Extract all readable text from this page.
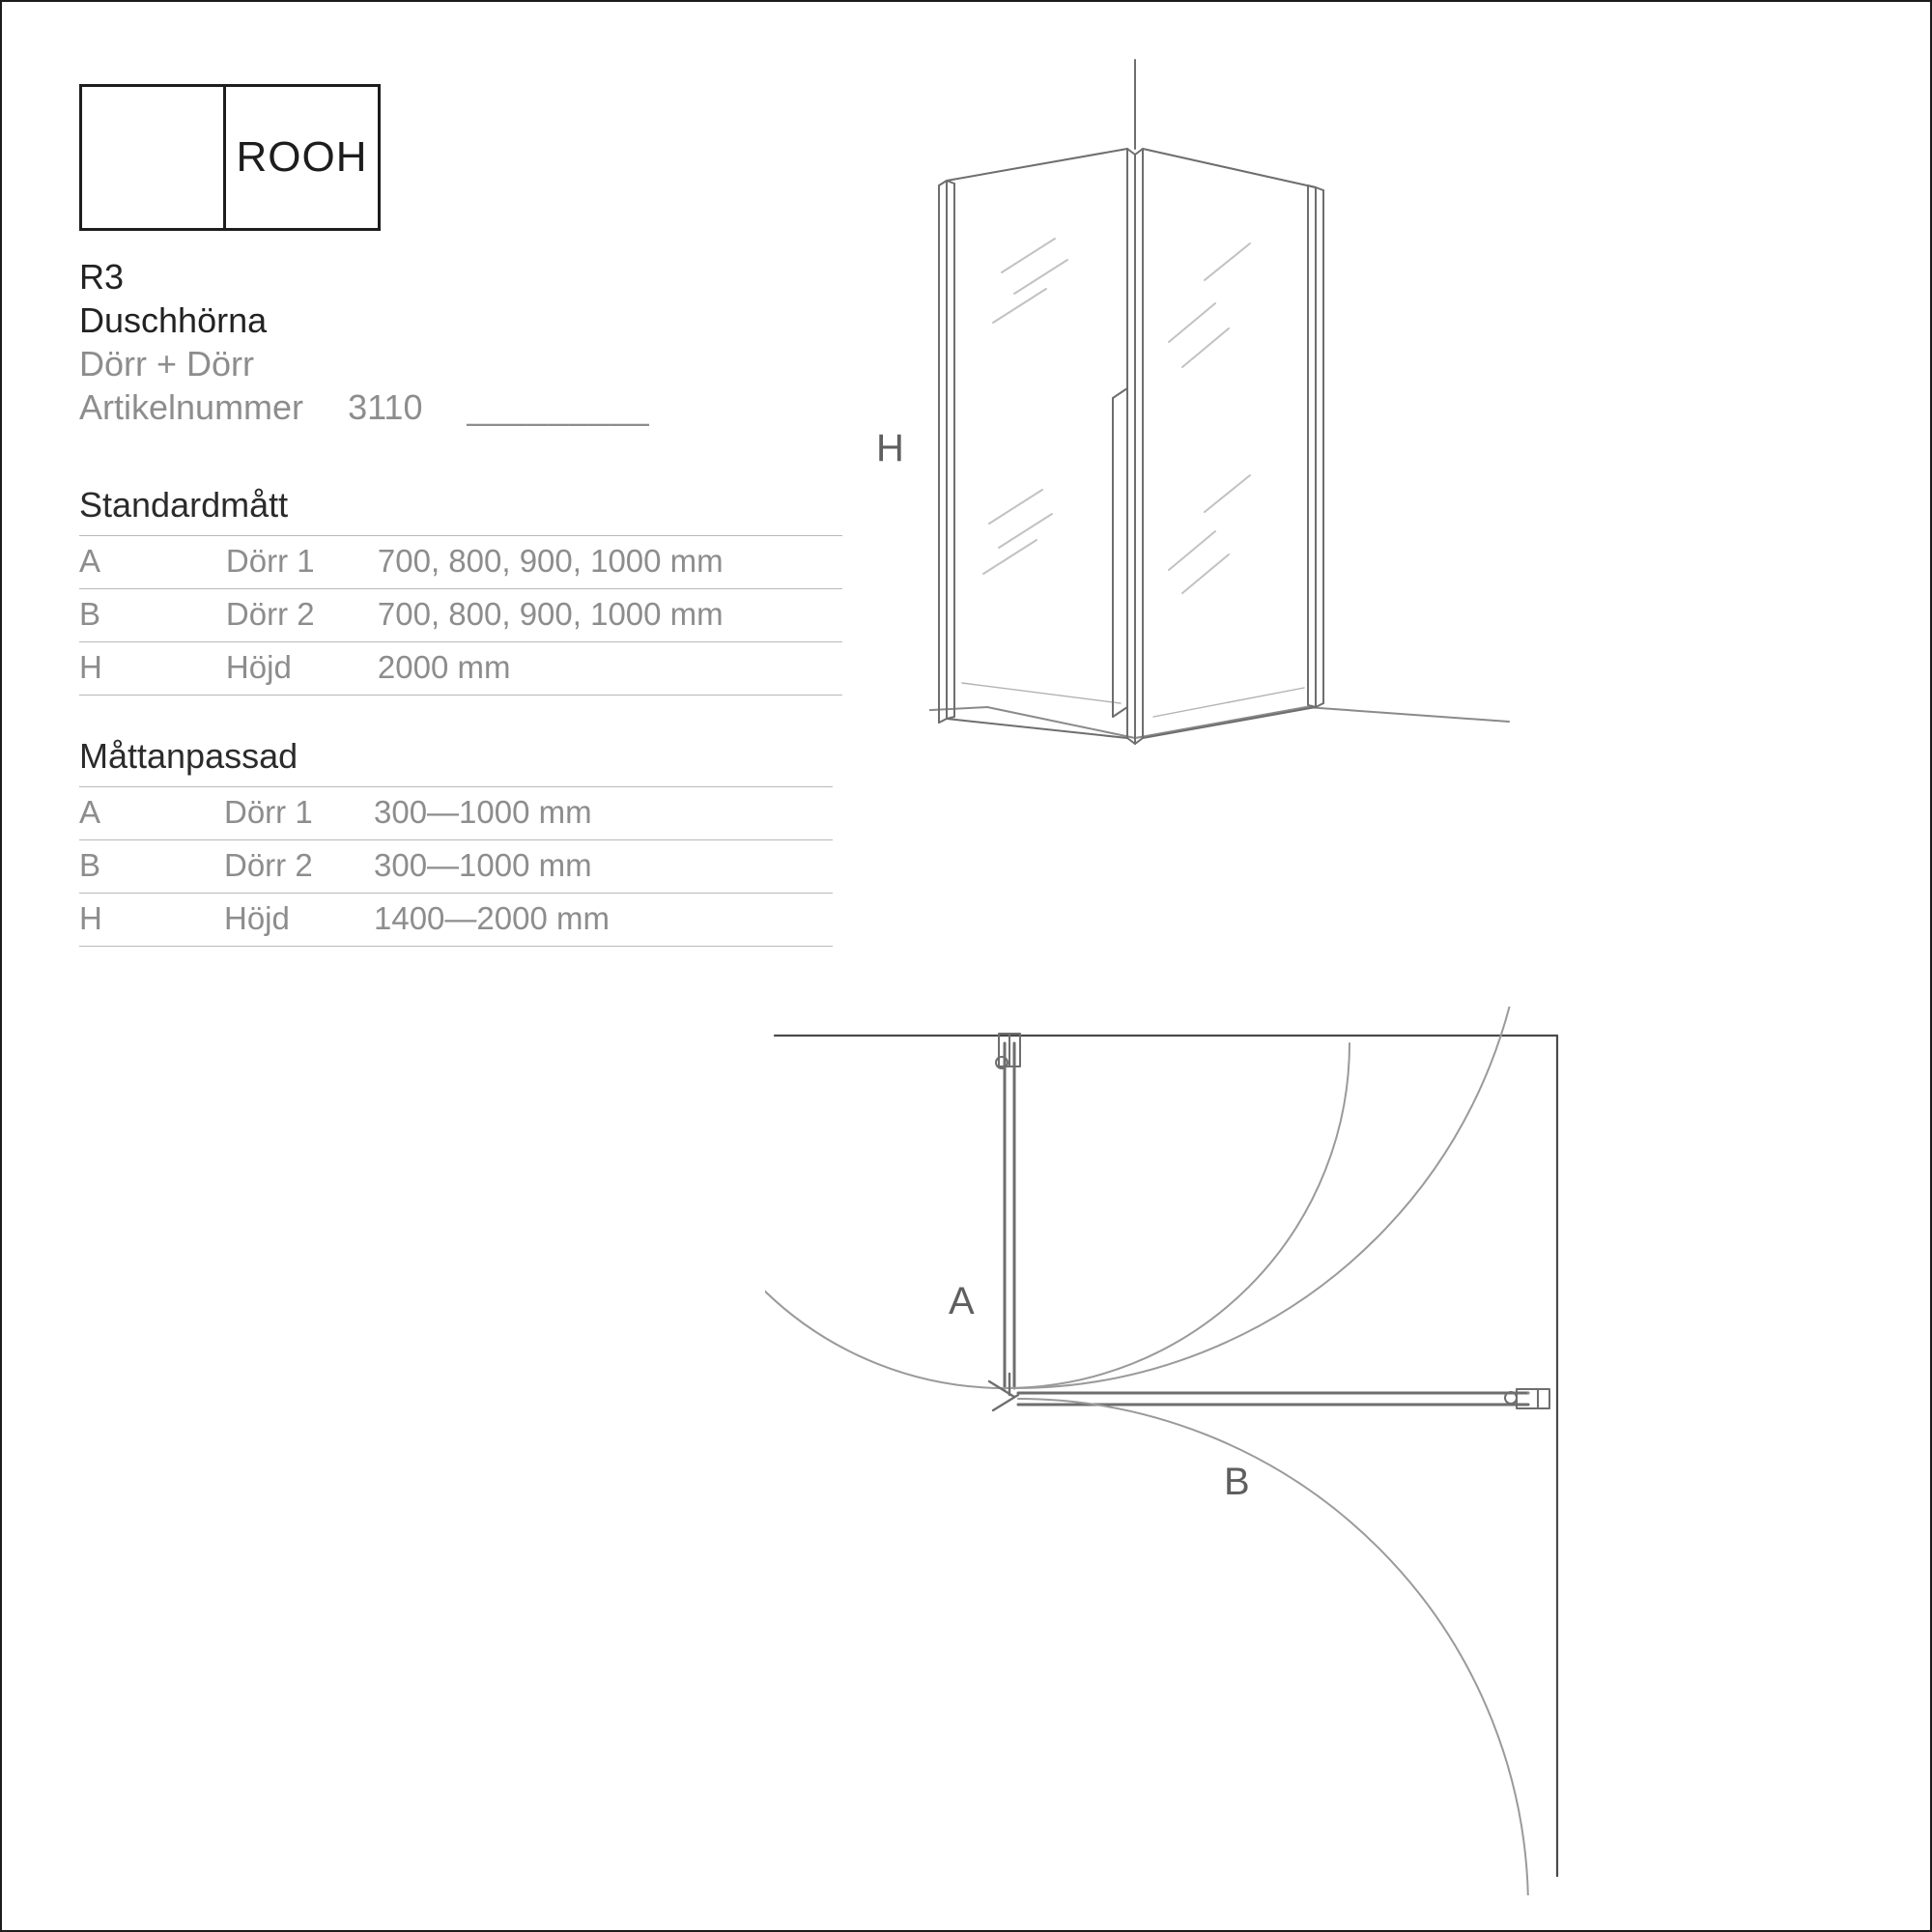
ROOH
R3
Duschhörna
Dörr + Dörr
Artikelnummer 3110 _________
Standardmått
A	Dörr 1	700, 800, 900, 1000 mm
B	Dörr 2	700, 800, 900, 1000 mm
H	Höjd	2000 mm
Måttanpassad
A	Dörr 1	300—1000 mm
B	Dörr 2	300—1000 mm
H	Höjd	1400—2000 mm
H
A
B
